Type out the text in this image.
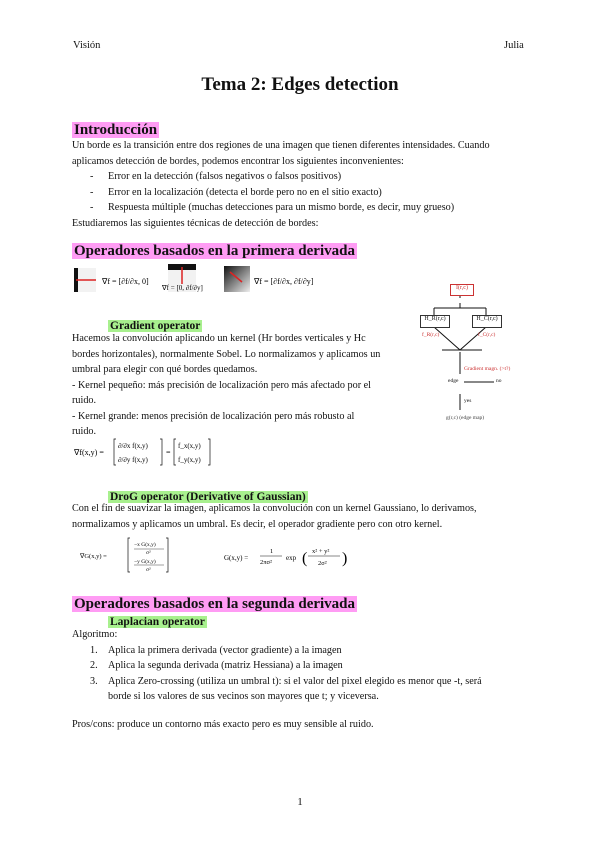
Visión	Julia
Tema 2: Edges detection
Introducción
Un borde es la transición entre dos regiones de una imagen que tienen diferentes intensidades. Cuando
aplicamos detección de bordes, podemos encontrar los siguientes inconvenientes:
- Error en la detección (falsos negativos o falsos positivos)
- Error en la localización (detecta el borde pero no en el sitio exacto)
- Respuesta múltiple (muchas detecciones para un mismo borde, es decir, muy grueso)
Estudiaremos las siguientes técnicas de detección de bordes:
Operadores basados en la primera derivada
∇f = [∂f/∂x, 0]
∇f = [0, ∂f/∂y]
∇f = [∂f/∂x, ∂f/∂y]
Gradient operator
Hacemos la convolución aplicando un kernel (Hr bordes verticales y Hc
bordes horizontales), normalmente Sobel. Lo normalizamos y aplicamos un
umbral para elegir con qué bordes quedamos.
- Kernel pequeño: más precisión de localización pero más afectado por el
ruido.
- Kernel grande: menos precisión de localización pero más robusto al
ruido.
∇f(x,y) =
∂/∂x f(x,y)
∂/∂y f(x,y)
=
f_x(x,y)
f_y(x,y)
I(r,c)
H_R(r,c)	H_C(r,c)
f_R(r,c)	f_C(r,c)
Gradient magn. (>t?)
no
yes
edge
g(r,c) (edge map)
DroG operator (Derivative of Gaussian)
Con el fin de suavizar la imagen, aplicamos la convolución con un kernel Gaussiano, lo derivamos,
normalizamos y aplicamos un umbral. Es decir, el operador gradiente pero con otro kernel.
∇G(x,y) =
−x G(x,y)
σ²
−y G(x,y)
σ²
G(x,y) =
1
2πσ²
exp ( x² + y²
2σ² )
Operadores basados en la segunda derivada
Laplacian operator
Algoritmo:
1. Aplica la primera derivada (vector gradiente) a la imagen
2. Aplica la segunda derivada (matriz Hessiana) a la imagen
3. Aplica Zero-crossing (utiliza un umbral t): si el valor del pixel elegido es menor que -t, será
borde si los valores de sus vecinos son mayores que t; y viceversa.
Pros/cons: produce un contorno más exacto pero es muy sensible al ruido.
1
